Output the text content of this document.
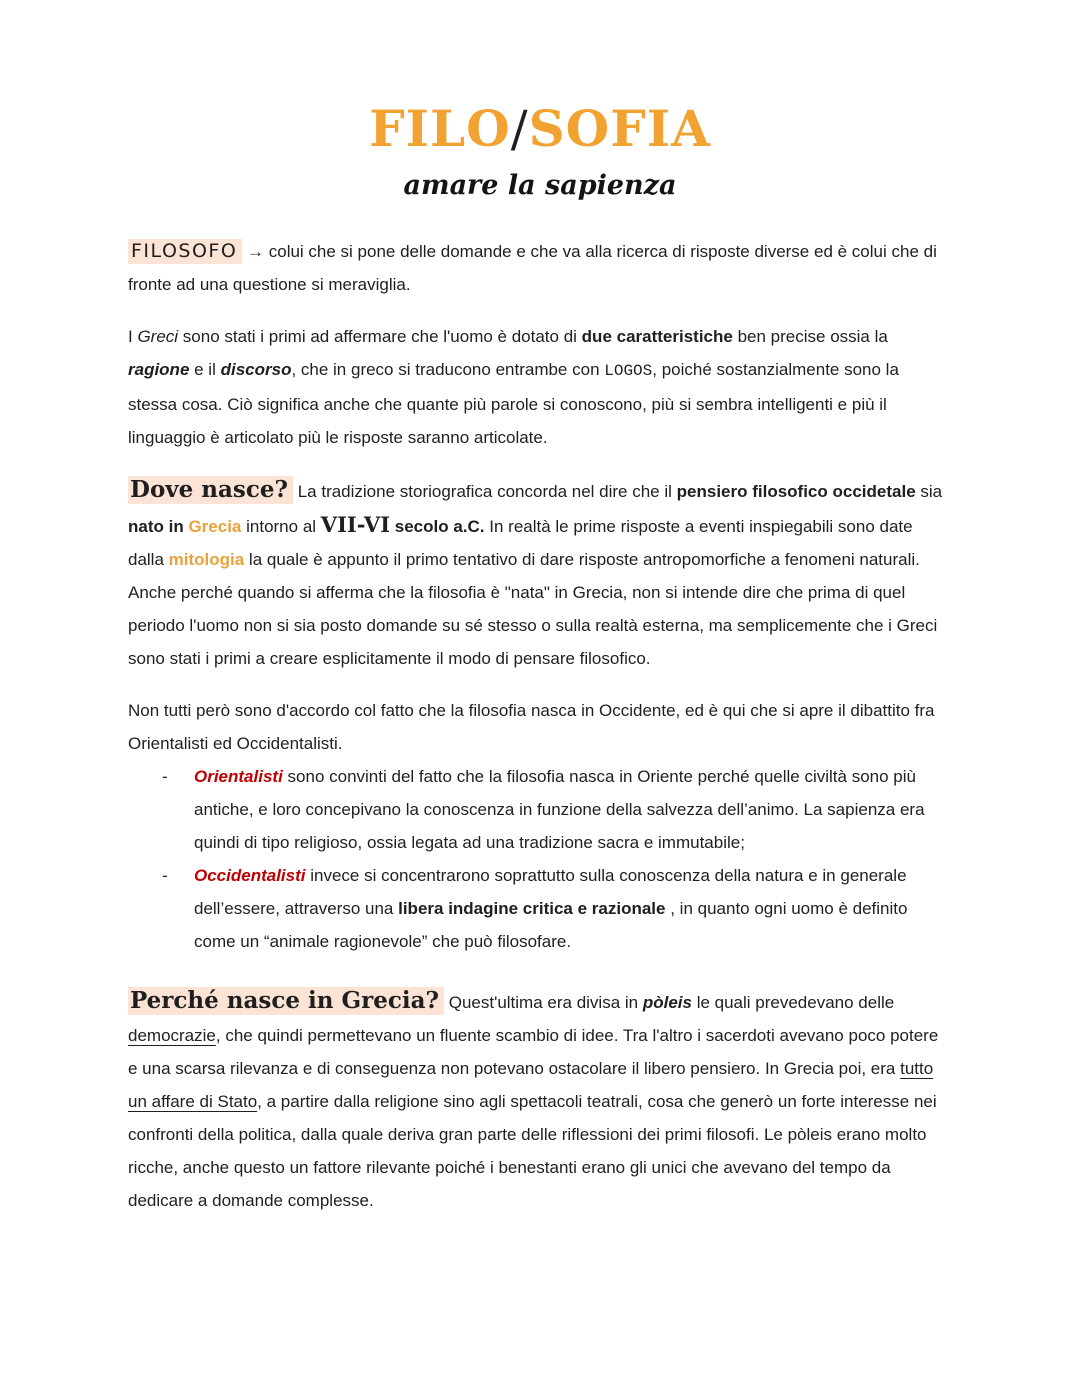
FILO/SOFIA
amare la sapienza

FILOSOFO → colui che si pone delle domande e che va alla ricerca di risposte diverse ed è colui che di fronte ad una questione si meraviglia.

I Greci sono stati i primi ad affermare che l'uomo è dotato di due caratteristiche ben precise ossia la ragione e il discorso, che in greco si traducono entrambe con LOGOS, poiché sostanzialmente sono la stessa cosa. Ciò significa anche che quante più parole si conoscono, più si sembra intelligenti e più il linguaggio è articolato più le risposte saranno articolate.

Dove nasce? La tradizione storiografica concorda nel dire che il pensiero filosofico occidetale sia nato in Grecia intorno al VII-VI secolo a.C. In realtà le prime risposte a eventi inspiegabili sono date dalla mitologia la quale è appunto il primo tentativo di dare risposte antropomorfiche a fenomeni naturali. Anche perché quando si afferma che la filosofia è "nata" in Grecia, non si intende dire che prima di quel periodo l'uomo non si sia posto domande su sé stesso o sulla realtà esterna, ma semplicemente che i Greci sono stati i primi a creare esplicitamente il modo di pensare filosofico.

Non tutti però sono d'accordo col fatto che la filosofia nasca in Occidente, ed è qui che si apre il dibattito fra Orientalisti ed Occidentalisti.

- Orientalisti sono convinti del fatto che la filosofia nasca in Oriente perché quelle civiltà sono più antiche, e loro concepivano la conoscenza in funzione della salvezza dell’animo. La sapienza era quindi di tipo religioso, ossia legata ad una tradizione sacra e immutabile;
- Occidentalisti invece si concentrarono soprattutto sulla conoscenza della natura e in generale dell’essere, attraverso una libera indagine critica e razionale , in quanto ogni uomo è definito come un “animale ragionevole” che può filosofare.

Perché nasce in Grecia? Quest'ultima era divisa in pòleis le quali prevedevano delle democrazie, che quindi permettevano un fluente scambio di idee. Tra l'altro i sacerdoti avevano poco potere e una scarsa rilevanza e di conseguenza non potevano ostacolare il libero pensiero. In Grecia poi, era tutto un affare di Stato, a partire dalla religione sino agli spettacoli teatrali, cosa che generò un forte interesse nei confronti della politica, dalla quale deriva gran parte delle riflessioni dei primi filosofi. Le pòleis erano molto ricche, anche questo un fattore rilevante poiché i benestanti erano gli unici che avevano del tempo da dedicare a domande complesse.
